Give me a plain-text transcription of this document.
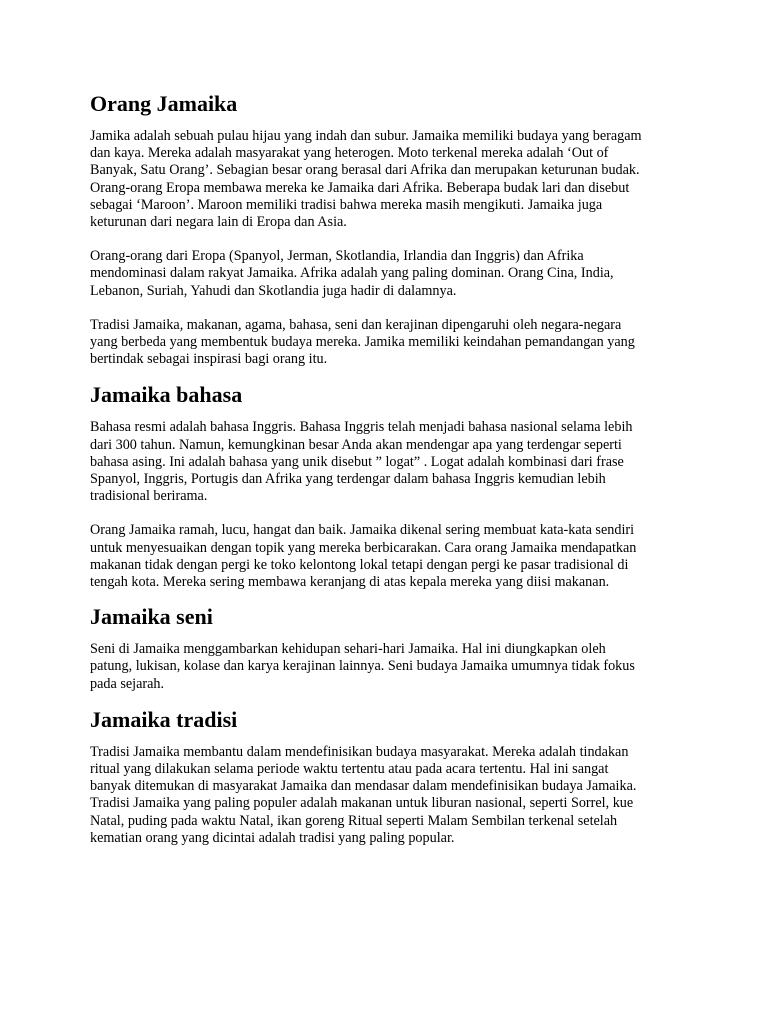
Orang Jamaika

Jamika adalah sebuah pulau hijau yang indah dan subur. Jamaika memiliki budaya yang beragam
dan kaya. Mereka adalah masyarakat yang heterogen. Moto terkenal mereka adalah ‘Out of
Banyak, Satu Orang’. Sebagian besar orang berasal dari Afrika dan merupakan keturunan budak.
Orang-orang Eropa membawa mereka ke Jamaika dari Afrika. Beberapa budak lari dan disebut
sebagai ‘Maroon’. Maroon memiliki tradisi bahwa mereka masih mengikuti. Jamaika juga
keturunan dari negara lain di Eropa dan Asia.

Orang-orang dari Eropa (Spanyol, Jerman, Skotlandia, Irlandia dan Inggris) dan Afrika
mendominasi dalam rakyat Jamaika. Afrika adalah yang paling dominan. Orang Cina, India,
Lebanon, Suriah, Yahudi dan Skotlandia juga hadir di dalamnya.

Tradisi Jamaika, makanan, agama, bahasa, seni dan kerajinan dipengaruhi oleh negara-negara
yang berbeda yang membentuk budaya mereka. Jamika memiliki keindahan pemandangan yang
bertindak sebagai inspirasi bagi orang itu.

Jamaika bahasa

Bahasa resmi adalah bahasa Inggris. Bahasa Inggris telah menjadi bahasa nasional selama lebih
dari 300 tahun. Namun, kemungkinan besar Anda akan mendengar apa yang terdengar seperti
bahasa asing. Ini adalah bahasa yang unik disebut ” logat” . Logat adalah kombinasi dari frase
Spanyol, Inggris, Portugis dan Afrika yang terdengar dalam bahasa Inggris kemudian lebih
tradisional berirama.

Orang Jamaika ramah, lucu, hangat dan baik. Jamaika dikenal sering membuat kata-kata sendiri
untuk menyesuaikan dengan topik yang mereka berbicarakan. Cara orang Jamaika mendapatkan
makanan tidak dengan pergi ke toko kelontong lokal tetapi dengan pergi ke pasar tradisional di
tengah kota. Mereka sering membawa keranjang di atas kepala mereka yang diisi makanan.

Jamaika seni

Seni di Jamaika menggambarkan kehidupan sehari-hari Jamaika. Hal ini diungkapkan oleh
patung, lukisan, kolase dan karya kerajinan lainnya. Seni budaya Jamaika umumnya tidak fokus
pada sejarah.

Jamaika tradisi

Tradisi Jamaika membantu dalam mendefinisikan budaya masyarakat. Mereka adalah tindakan
ritual yang dilakukan selama periode waktu tertentu atau pada acara tertentu. Hal ini sangat
banyak ditemukan di masyarakat Jamaika dan mendasar dalam mendefinisikan budaya Jamaika.
Tradisi Jamaika yang paling populer adalah makanan untuk liburan nasional, seperti Sorrel, kue
Natal, puding pada waktu Natal, ikan goreng Ritual seperti Malam Sembilan terkenal setelah
kematian orang yang dicintai adalah tradisi yang paling popular.
